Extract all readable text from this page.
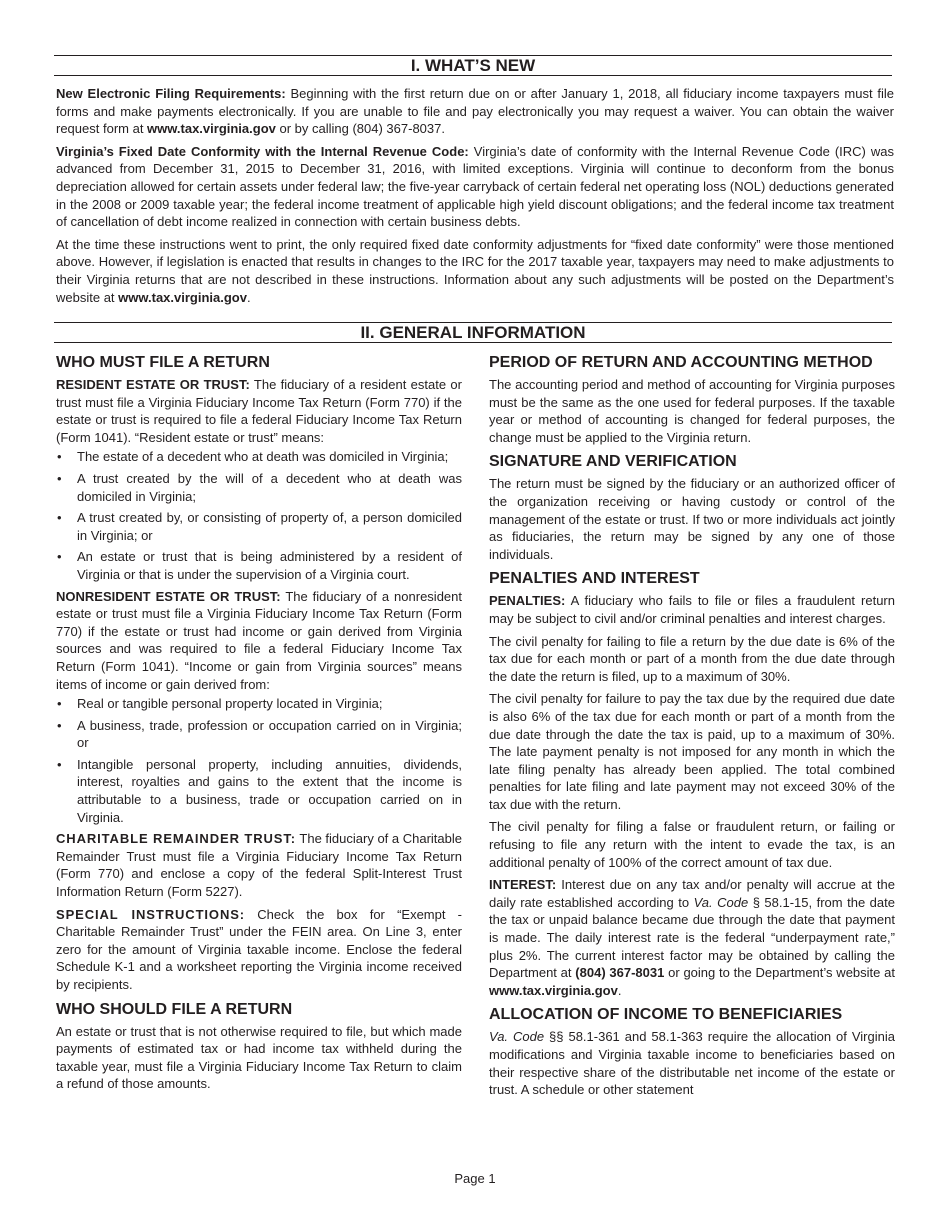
I. WHAT’S NEW

New Electronic Filing Requirements: Beginning with the first return due on or after January 1, 2018, all fiduciary income taxpayers must file forms and make payments electronically. If you are unable to file and pay electronically you may request a waiver. You can obtain the waiver request form at www.tax.virginia.gov or by calling (804) 367-8037.

Virginia’s Fixed Date Conformity with the Internal Revenue Code: Virginia’s date of conformity with the Internal Revenue Code (IRC) was advanced from December 31, 2015 to December 31, 2016, with limited exceptions. Virginia will continue to deconform from the bonus depreciation allowed for certain assets under federal law; the five-year carryback of certain federal net operating loss (NOL) deductions generated in the 2008 or 2009 taxable year; the federal income treatment of applicable high yield discount obligations; and the federal income tax treatment of cancellation of debt income realized in connection with certain business debts.

At the time these instructions went to print, the only required fixed date conformity adjustments for “fixed date conformity” were those mentioned above. However, if legislation is enacted that results in changes to the IRC for the 2017 taxable year, taxpayers may need to make adjustments to their Virginia returns that are not described in these instructions. Information about any such adjustments will be posted on the Department’s website at www.tax.virginia.gov.

II. GENERAL INFORMATION
WHO MUST FILE A RETURN

RESIDENT ESTATE OR TRUST: The fiduciary of a resident estate or trust must file a Virginia Fiduciary Income Tax Return (Form 770) if the estate or trust is required to file a federal Fiduciary Income Tax Return (Form 1041). “Resident estate or trust” means:

• The estate of a decedent who at death was domiciled in Virginia;
• A trust created by the will of a decedent who at death was domiciled in Virginia;
• A trust created by, or consisting of property of, a person domiciled in Virginia; or
• An estate or trust that is being administered by a resident of Virginia or that is under the supervision of a Virginia court.

NONRESIDENT ESTATE OR TRUST: The fiduciary of a nonresident estate or trust must file a Virginia Fiduciary Income Tax Return (Form 770) if the estate or trust had income or gain derived from Virginia sources and was required to file a federal Fiduciary Income Tax Return (Form 1041). “Income or gain from Virginia sources” means items of income or gain derived from:

• Real or tangible personal property located in Virginia;
• A business, trade, profession or occupation carried on in Virginia; or
• Intangible personal property, including annuities, dividends, interest, royalties and gains to the extent that the income is attributable to a business, trade or occupation carried on in Virginia.

CHARITABLE REMAINDER TRUST: The fiduciary of a Charitable Remainder Trust must file a Virginia Fiduciary Income Tax Return (Form 770) and enclose a copy of the federal Split-Interest Trust Information Return (Form 5227).

SPECIAL INSTRUCTIONS: Check the box for “Exempt - Charitable Remainder Trust” under the FEIN area. On Line 3, enter zero for the amount of Virginia taxable income. Enclose the federal Schedule K-1 and a worksheet reporting the Virginia income received by recipients.

WHO SHOULD FILE A RETURN

An estate or trust that is not otherwise required to file, but which made payments of estimated tax or had income tax withheld during the taxable year, must file a Virginia Fiduciary Income Tax Return to claim a refund of those amounts.

PERIOD OF RETURN AND ACCOUNTING METHOD

The accounting period and method of accounting for Virginia purposes must be the same as the one used for federal purposes. If the taxable year or method of accounting is changed for federal purposes, the change must be applied to the Virginia return.

SIGNATURE AND VERIFICATION

The return must be signed by the fiduciary or an authorized officer of the organization receiving or having custody or control of the management of the estate or trust. If two or more individuals act jointly as fiduciaries, the return may be signed by any one of those individuals.

PENALTIES AND INTEREST

PENALTIES: A fiduciary who fails to file or files a fraudulent return may be subject to civil and/or criminal penalties and interest charges.

The civil penalty for failing to file a return by the due date is 6% of the tax due for each month or part of a month from the due date through the date the return is filed, up to a maximum of 30%.

The civil penalty for failure to pay the tax due by the required due date is also 6% of the tax due for each month or part of a month from the due date through the date the tax is paid, up to a maximum of 30%. The late payment penalty is not imposed for any month in which the late filing penalty has already been applied. The total combined penalties for late filing and late payment may not exceed 30% of the tax due with the return.

The civil penalty for filing a false or fraudulent return, or failing or refusing to file any return with the intent to evade the tax, is an additional penalty of 100% of the correct amount of tax due.

INTEREST: Interest due on any tax and/or penalty will accrue at the daily rate established according to Va. Code § 58.1-15, from the date the tax or unpaid balance became due through the date that payment is made. The daily interest rate is the federal “underpayment rate,” plus 2%. The current interest factor may be obtained by calling the Department at (804) 367-8031 or going to the Department’s website at www.tax.virginia.gov.

ALLOCATION OF INCOME TO BENEFICIARIES

Va. Code §§ 58.1-361 and 58.1-363 require the allocation of Virginia modifications and Virginia taxable income to beneficiaries based on their respective share of the distributable net income of the estate or trust. A schedule or other statement

Page 1
